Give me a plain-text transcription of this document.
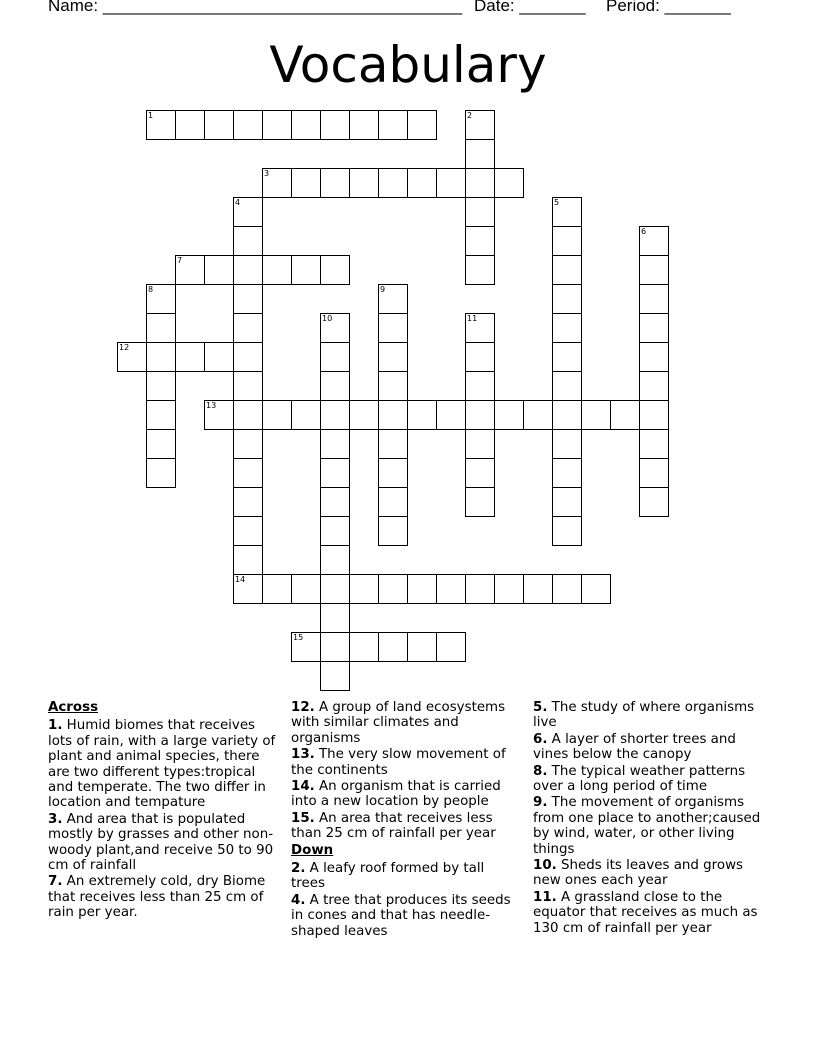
Name: ______________________________________ Date: _______ Period: _______
Vocabulary
1	2
3
4
14
5
6
7
8	9
10	11
12
13
15
Across
1. Humid biomes that receives lots of rain, with a large variety of plant and animal species, there are two different types:tropical and temperate. The two differ in location and tempature
3. And area that is populated mostly by grasses and other non-woody plant,and receive 50 to 90 cm of rainfall
7. An extremely cold, dry Biome that receives less than 25 cm of rain per year.
12. A group of land ecosystems with similar climates and organisms
13. The very slow movement of the continents
14. An organism that is carried into a new location by people
15. An area that receives less than 25 cm of rainfall per year
Down
2. A leafy roof formed by tall trees
4. A tree that produces its seeds in cones and that has needle-shaped leaves
5. The study of where organisms live
6. A layer of shorter trees and vines below the canopy
8. The typical weather patterns over a long period of time
9. The movement of organisms from one place to another;caused by wind, water, or other living things
10. Sheds its leaves and grows new ones each year
11. A grassland close to the equator that receives as much as 130 cm of rainfall per year
